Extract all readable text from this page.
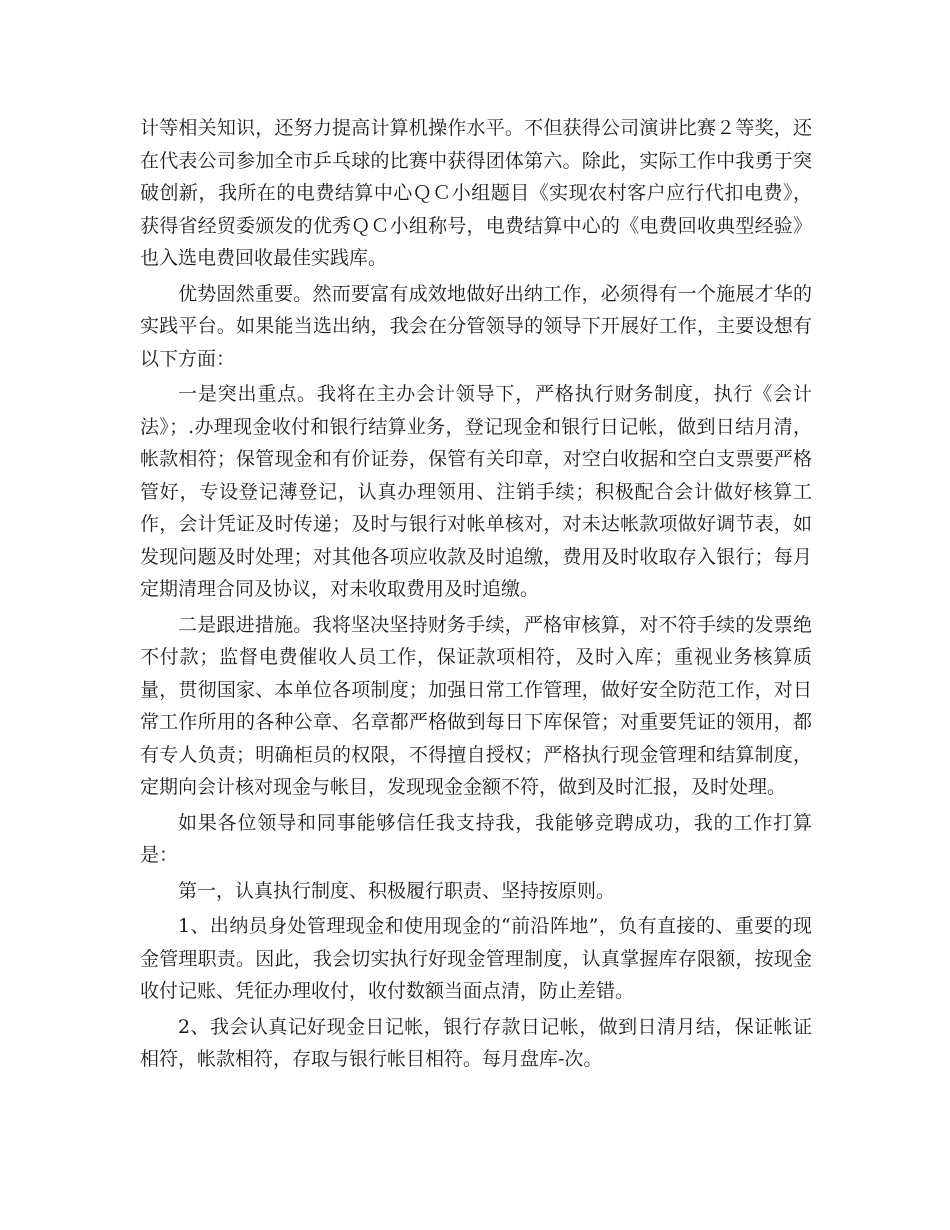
计等相关知识，还努力提高计算机操作水平。不但获得公司演讲比赛２等奖，还在代表公司参加全市乒乓球的比赛中获得团体第六。除此，实际工作中我勇于突破创新，我所在的电费结算中心ＱＣ小组题目《实现农村客户应行代扣电费》，获得省经贸委颁发的优秀ＱＣ小组称号，电费结算中心的《电费回收典型经验》也入选电费回收最佳实践库。

优势固然重要。然而要富有成效地做好出纳工作，必须得有一个施展才华的实践平台。如果能当选出纳，我会在分管领导的领导下开展好工作，主要设想有以下方面：

一是突出重点。我将在主办会计领导下，严格执行财务制度，执行《会计法》；.办理现金收付和银行结算业务，登记现金和银行日记帐，做到日结月清，帐款相符；保管现金和有价证券，保管有关印章，对空白收据和空白支票要严格管好，专设登记薄登记，认真办理领用、注销手续；积极配合会计做好核算工作，会计凭证及时传递；及时与银行对帐单核对，对未达帐款项做好调节表，如发现问题及时处理；对其他各项应收款及时追缴，费用及时收取存入银行；每月定期清理合同及协议，对未收取费用及时追缴。

二是跟进措施。我将坚决坚持财务手续，严格审核算，对不符手续的发票绝不付款；监督电费催收人员工作，保证款项相符，及时入库；重视业务核算质量，贯彻国家、本单位各项制度；加强日常工作管理，做好安全防范工作，对日常工作所用的各种公章、名章都严格做到每日下库保管；对重要凭证的领用，都有专人负责；明确柜员的权限，不得擅自授权；严格执行现金管理和结算制度，定期向会计核对现金与帐目，发现现金金额不符，做到及时汇报，及时处理。

如果各位领导和同事能够信任我支持我，我能够竞聘成功，我的工作打算是：

第一，认真执行制度、积极履行职责、坚持按原则。

1、出纳员身处管理现金和使用现金的“前沿阵地”，负有直接的、重要的现金管理职责。因此，我会切实执行好现金管理制度，认真掌握库存限额，按现金收付记账、凭征办理收付，收付数额当面点清，防止差错。

2、我会认真记好现金日记帐，银行存款日记帐，做到日清月结，保证帐证相符，帐款相符，存取与银行帐目相符。每月盘库-次。
